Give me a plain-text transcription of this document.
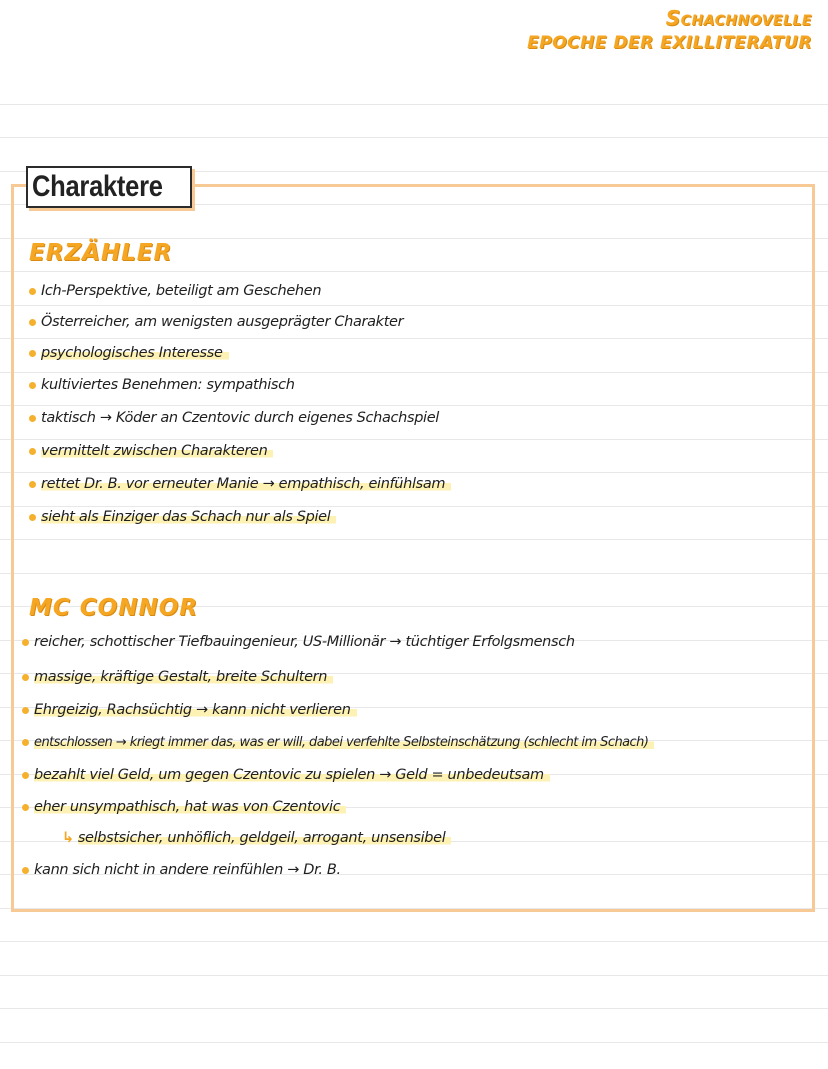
Schachnovelle
EPOCHE DER EXILLITERATUR
Charaktere
ERZÄHLER
Ich-Perspektive, beteiligt am Geschehen
Österreicher, am wenigsten ausgeprägter Charakter
psychologisches Interesse
kultiviertes Benehmen: sympathisch
taktisch → Köder an Czentovic durch eigenes Schachspiel
vermittelt zwischen Charakteren
rettet Dr. B. vor erneuter Manie → empathisch, einfühlsam
sieht als Einziger das Schach nur als Spiel
MC CONNOR
reicher, schottischer Tiefbauingenieur, US-Millionär → tüchtiger Erfolgsmensch
massige, kräftige Gestalt, breite Schultern
Ehrgeizig, Rachsüchtig → kann nicht verlieren
entschlossen → kriegt immer das, was er will, dabei verfehlte Selbsteinschätzung (schlecht im Schach)
bezahlt viel Geld, um gegen Czentovic zu spielen → Geld = unbedeutsam
eher unsympathisch, hat was von Czentovic
↳ selbstsicher, unhöflich, geldgeil, arrogant, unsensibel
kann sich nicht in andere reinfühlen → Dr. B.
